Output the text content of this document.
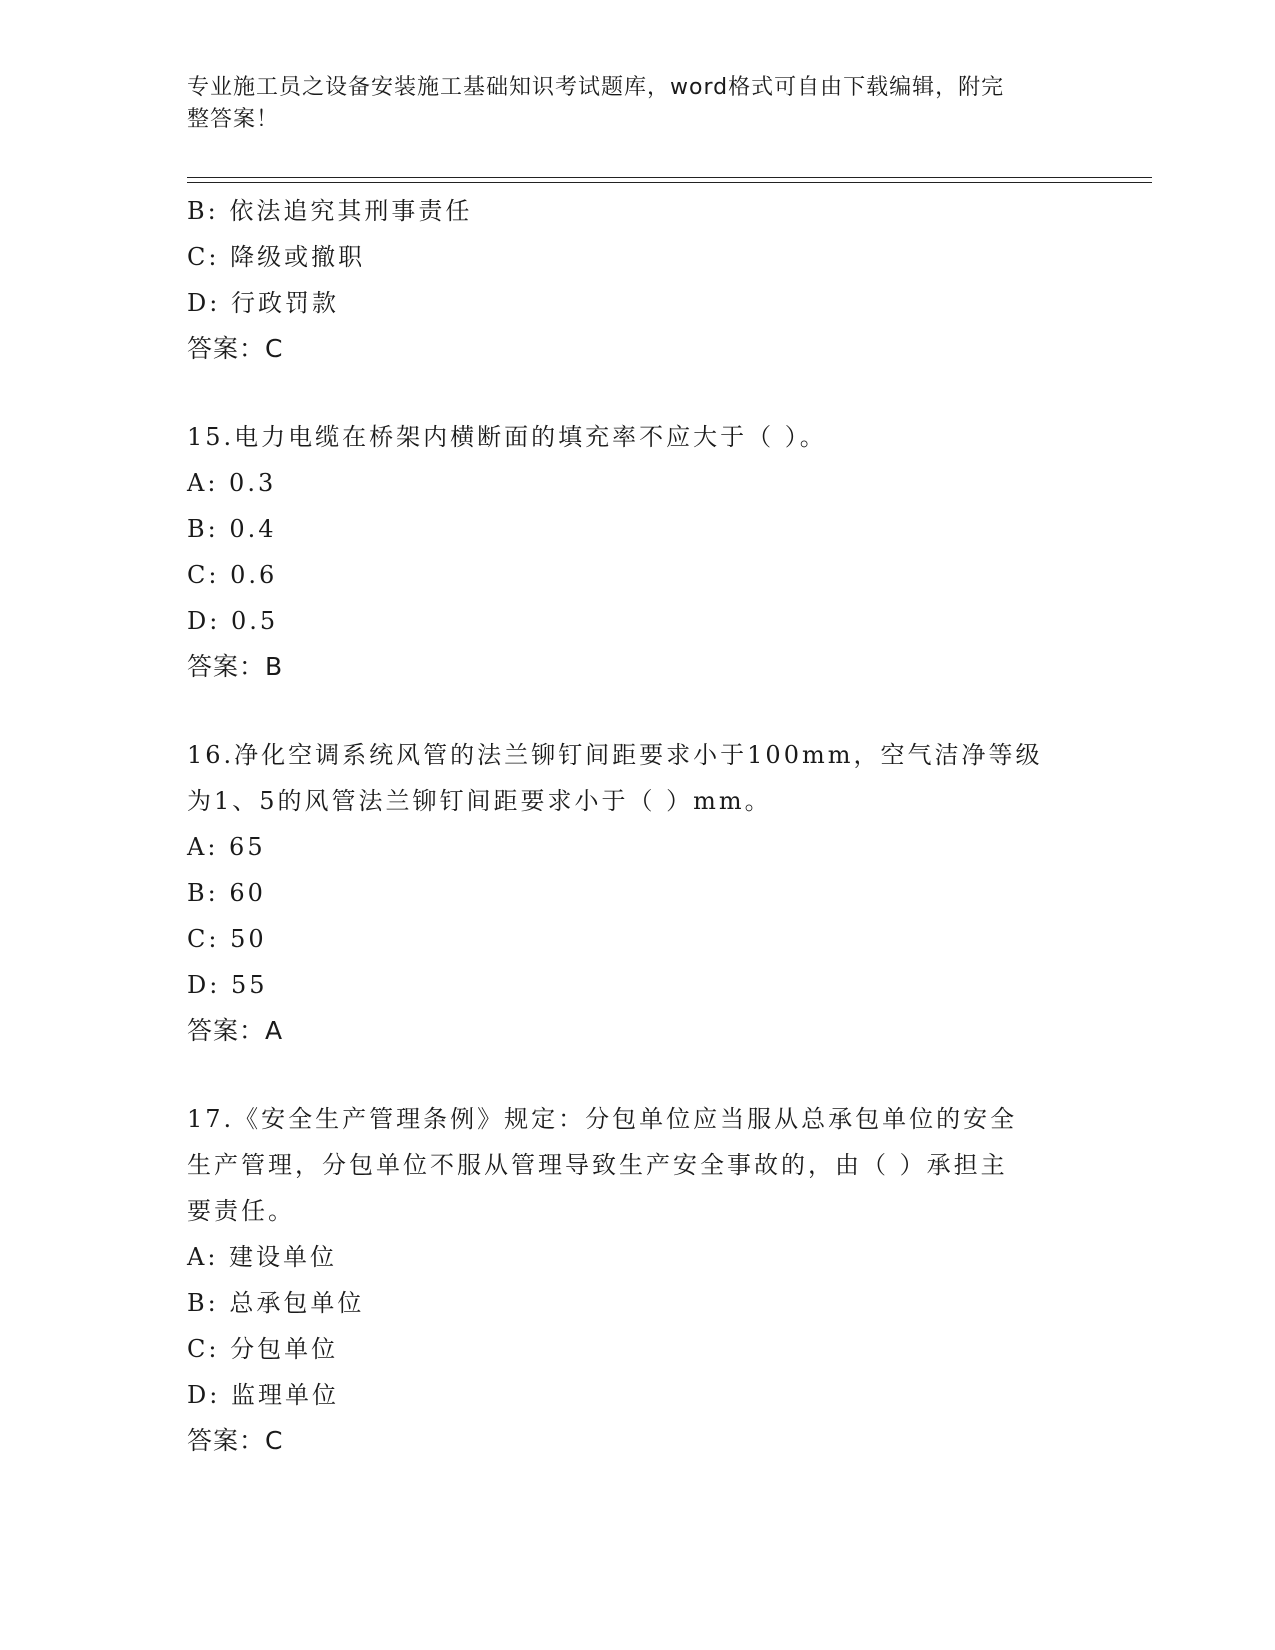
专业施工员之设备安装施工基础知识考试题库，word格式可自由下载编辑，附完
整答案！
B: 依法追究其刑事责任
C: 降级或撤职
D: 行政罚款
答案：C
15.电力电缆在桥架内横断面的填充率不应大于（ ）。
A: 0.3
B: 0.4
C: 0.6
D: 0.5
答案：B
16.净化空调系统风管的法兰铆钉间距要求小于100mm，空气洁净等级
为1、5的风管法兰铆钉间距要求小于（ ）mm。
A: 65
B: 60
C: 50
D: 55
答案：A
17.《安全生产管理条例》规定：分包单位应当服从总承包单位的安全
生产管理，分包单位不服从管理导致生产安全事故的，由（ ）承担主
要责任。
A: 建设单位
B: 总承包单位
C: 分包单位
D: 监理单位
答案：C
